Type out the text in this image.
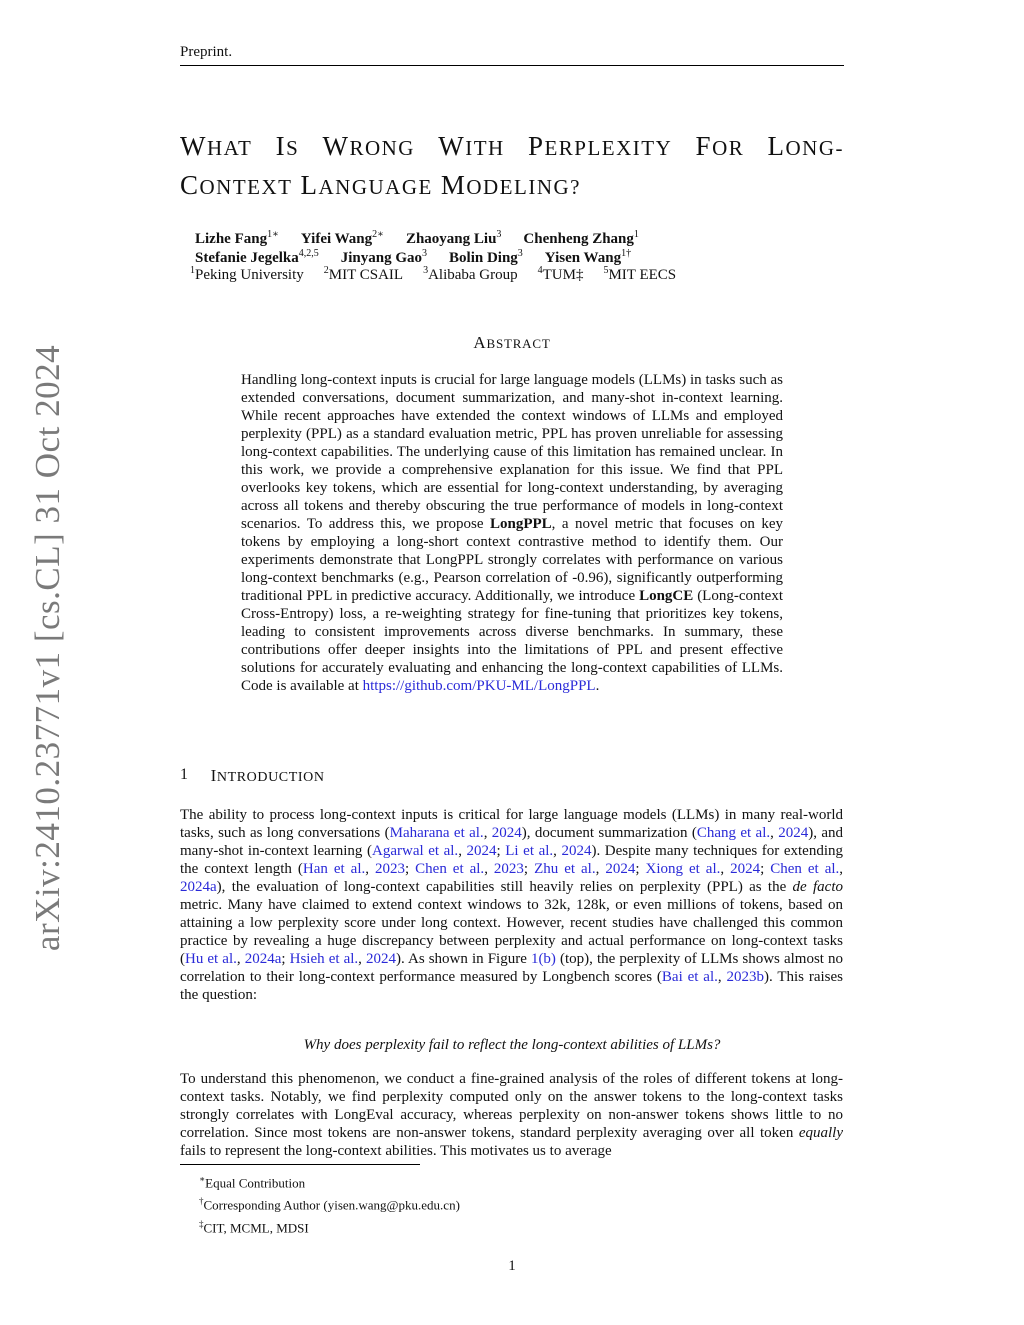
Preprint.
WHAT IS WRONG WITH PERPLEXITY FOR LONG-
CONTEXT LANGUAGE MODELING?
Lizhe Fang$^{1∗}$ Yifei Wang$^{2∗}$ Zhaoyang Liu$^3$ Chenheng Zhang$^1$
Stefanie Jegelka$^{4,2,5}$ Jinyang Gao$^3$ Bolin Ding$^3$ Yisen Wang$^{1\dagger}$
$^1$Peking University $^2$MIT CSAIL $^3$Alibaba Group $^4$TUM‡ $^5$MIT EECS
ABSTRACT
Handling long-context inputs is crucial for large language models (LLMs) in tasks such as extended conversations, document summarization, and many-shot in-context learning. While recent approaches have extended the context windows of LLMs and employed perplexity (PPL) as a standard evaluation metric, PPL has proven unreliable for assessing long-context capabilities. The underlying cause of this limitation has remained unclear. In this work, we provide a comprehensive explanation for this issue. We find that PPL overlooks key tokens, which are essential for long-context understanding, by averaging across all tokens and thereby obscuring the true performance of models in long-context scenarios. To address this, we propose LongPPL, a novel metric that focuses on key tokens by employing a long-short context contrastive method to identify them. Our experiments demonstrate that LongPPL strongly correlates with performance on various long-context benchmarks (e.g., Pearson correlation of -0.96), significantly outperforming traditional PPL in predictive accuracy. Additionally, we introduce LongCE (Long-context Cross-Entropy) loss, a re-weighting strategy for fine-tuning that prioritizes key tokens, leading to consistent improvements across diverse benchmarks. In summary, these contributions offer deeper insights into the limitations of PPL and present effective solutions for accurately evaluating and enhancing the long-context capabilities of LLMs. Code is available at https://github.com/PKU-ML/LongPPL.
1 INTRODUCTION
The ability to process long-context inputs is critical for large language models (LLMs) in many real-world tasks, such as long conversations (Maharana et al., 2024), document summarization (Chang et al., 2024), and many-shot in-context learning (Agarwal et al., 2024; Li et al., 2024). Despite many techniques for extending the context length (Han et al., 2023; Chen et al., 2023; Zhu et al., 2024; Xiong et al., 2024; Chen et al., 2024a), the evaluation of long-context capabilities still heavily relies on perplexity (PPL) as the de facto metric. Many have claimed to extend context windows to 32k, 128k, or even millions of tokens, based on attaining a low perplexity score under long context. However, recent studies have challenged this common practice by revealing a huge discrepancy between perplexity and actual performance on long-context tasks (Hu et al., 2024a; Hsieh et al., 2024). As shown in Figure 1(b) (top), the perplexity of LLMs shows almost no correlation to their long-context performance measured by Longbench scores (Bai et al., 2023b). This raises the question:
Why does perplexity fail to reflect the long-context abilities of LLMs?
To understand this phenomenon, we conduct a fine-grained analysis of the roles of different tokens at long-context tasks. Notably, we find perplexity computed only on the answer tokens to the long-context tasks strongly correlates with LongEval accuracy, whereas perplexity on non-answer tokens shows little to no correlation. Since most tokens are non-answer tokens, standard perplexity averaging over all token equally fails to represent the long-context abilities. This motivates us to average
∗Equal Contribution
†Corresponding Author (yisen.wang@pku.edu.cn)
‡CIT, MCML, MDSI
1
arXiv:2410.23771v1 [cs.CL] 31 Oct 2024
